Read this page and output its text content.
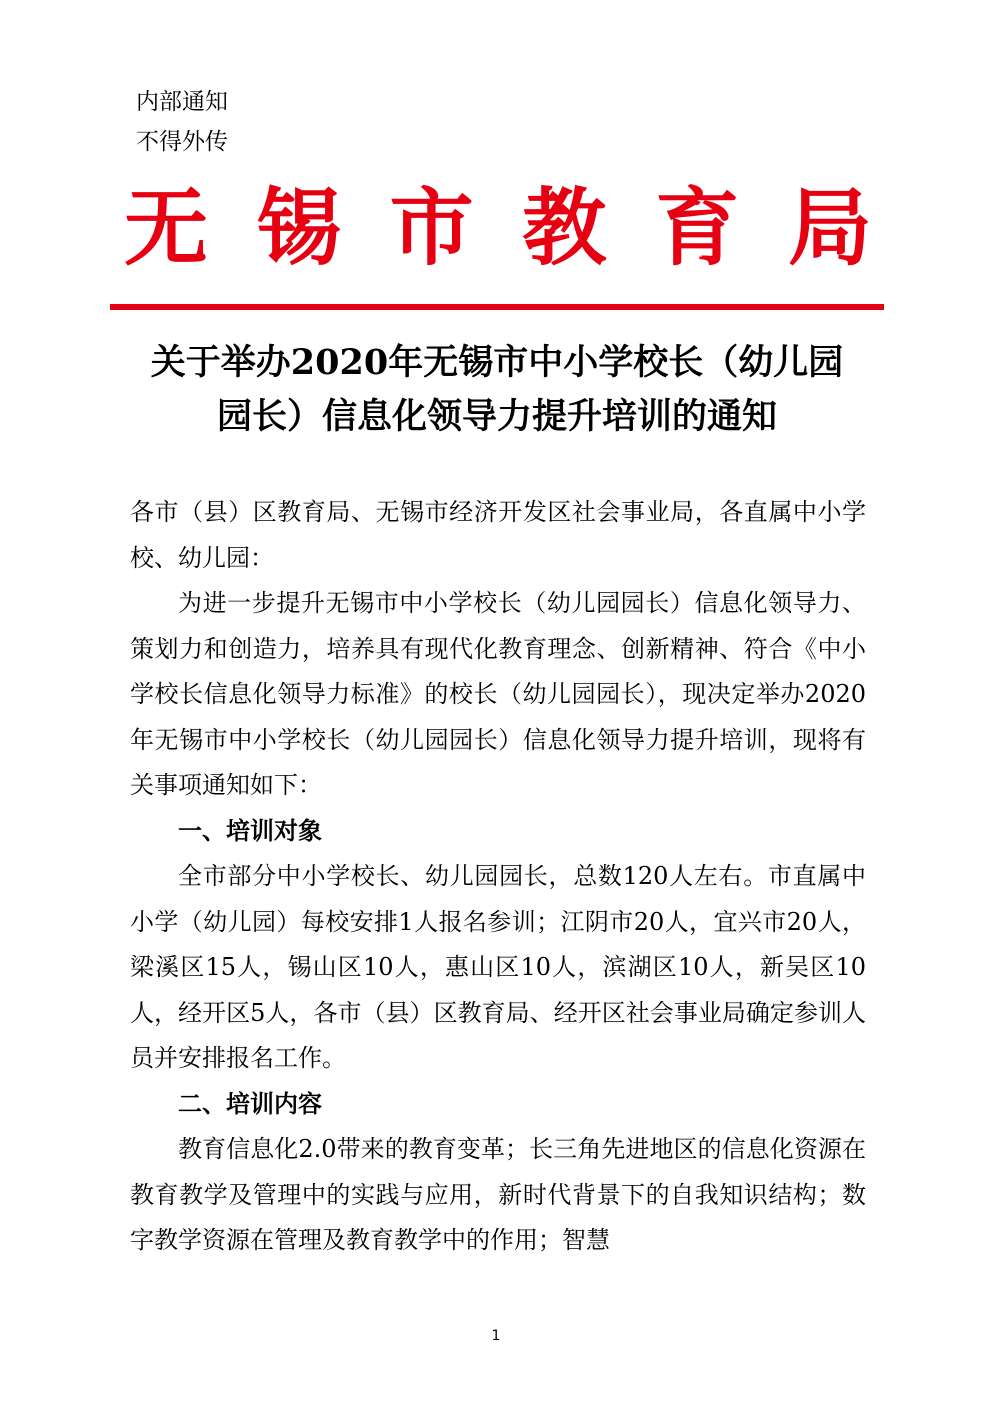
内部通知
不得外传
无 锡 市 教 育 局
关于举办2020年无锡市中小学校长（幼儿园
园长）信息化领导力提升培训的通知

各市（县）区教育局、无锡市经济开发区社会事业局，各直属中小学校、幼儿园：

为进一步提升无锡市中小学校长（幼儿园园长）信息化领导力、策划力和创造力，培养具有现代化教育理念、创新精神、符合《中小学校长信息化领导力标准》的校长（幼儿园园长），现决定举办2020年无锡市中小学校长（幼儿园园长）信息化领导力提升培训，现将有关事项通知如下：

一、培训对象

全市部分中小学校长、幼儿园园长，总数120人左右。市直属中小学（幼儿园）每校安排1人报名参训；江阴市20人，宜兴市20人，梁溪区15人，锡山区10人，惠山区10人，滨湖区10人，新吴区10人，经开区5人，各市（县）区教育局、经开区社会事业局确定参训人员并安排报名工作。

二、培训内容

教育信息化2.0带来的教育变革；长三角先进地区的信息化资源在教育教学及管理中的实践与应用，新时代背景下的自我知识结构；数字教学资源在管理及教育教学中的作用；智慧

1
